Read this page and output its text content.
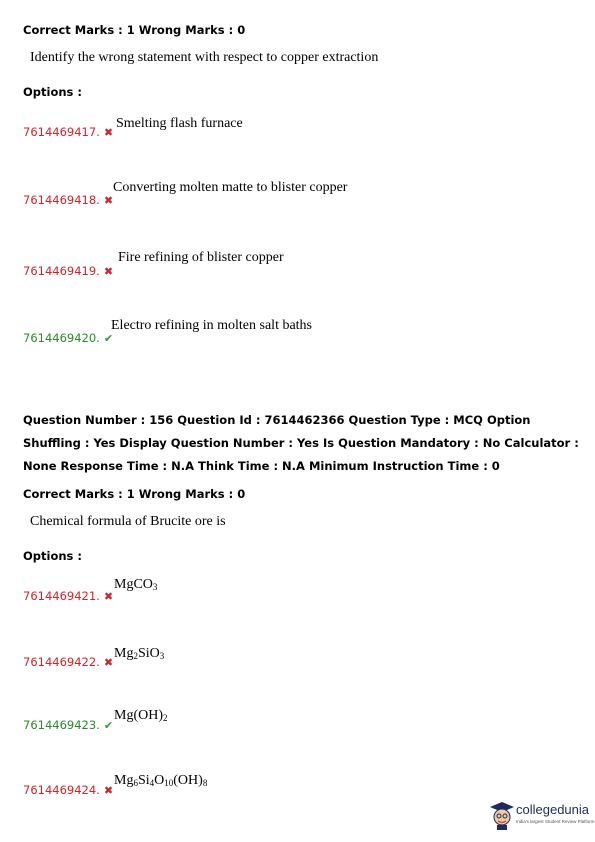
Correct Marks : 1 Wrong Marks : 0
Identify the wrong statement with respect to copper extraction
Options :
7614469417. ✖
Smelting flash furnace
7614469418. ✖
Converting molten matte to blister copper
7614469419. ✖
Fire refining of blister copper
7614469420. ✔
Electro refining in molten salt baths
Question Number : 156 Question Id : 7614462366 Question Type : MCQ Option Shuffling : Yes Display Question Number : Yes Is Question Mandatory : No Calculator : None Response Time : N.A Think Time : N.A Minimum Instruction Time : 0
Correct Marks : 1 Wrong Marks : 0
Chemical formula of Brucite ore is
Options :
7614469421. ✖
MgCO$_3$
7614469422. ✖
$Mg_2SiO_3$
7614469423. ✔
$Mg(OH)_2$
7614469424. ✖
$Mg_6Si_4O_{10}(OH)_8$
collegedunia
India's largest Student Review Platform
